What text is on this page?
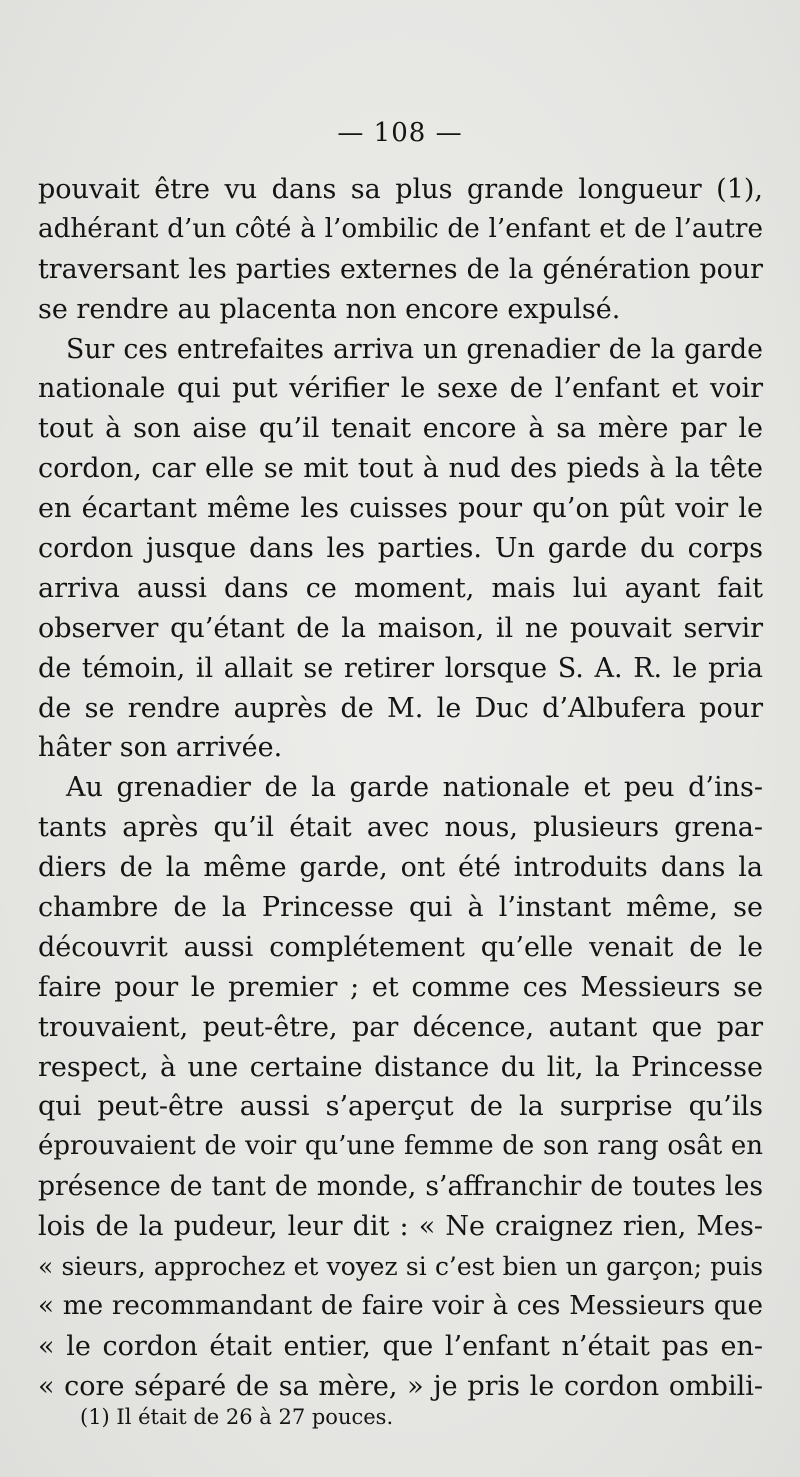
— 108 —
pouvait être vu dans sa plus grande longueur (1),
adhérant d’un côté à l’ombilic de l’enfant et de l’autre
traversant les parties externes de la génération pour
se rendre au placenta non encore expulsé.
Sur ces entrefaites arriva un grenadier de la garde
nationale qui put vérifier le sexe de l’enfant et voir
tout à son aise qu’il tenait encore à sa mère par le
cordon, car elle se mit tout à nud des pieds à la tête
en écartant même les cuisses pour qu’on pût voir le
cordon jusque dans les parties. Un garde du corps
arriva aussi dans ce moment, mais lui ayant fait
observer qu’étant de la maison, il ne pouvait servir
de témoin, il allait se retirer lorsque S. A. R. le pria
de se rendre auprès de M. le Duc d’Albufera pour
hâter son arrivée.
Au grenadier de la garde nationale et peu d’ins-
tants après qu’il était avec nous, plusieurs grena-
diers de la même garde, ont été introduits dans la
chambre de la Princesse qui à l’instant même, se
découvrit aussi complétement qu’elle venait de le
faire pour le premier ; et comme ces Messieurs se
trouvaient, peut-être, par décence, autant que par
respect, à une certaine distance du lit, la Princesse
qui peut-être aussi s’aperçut de la surprise qu’ils
éprouvaient de voir qu’une femme de son rang osât en
présence de tant de monde, s’affranchir de toutes les
lois de la pudeur, leur dit : « Ne craignez rien, Mes-
« sieurs, approchez et voyez si c’est bien un garçon; puis
« me recommandant de faire voir à ces Messieurs que
« le cordon était entier, que l’enfant n’était pas en-
« core séparé de sa mère, » je pris le cordon ombili-
(1) Il était de 26 à 27 pouces.
